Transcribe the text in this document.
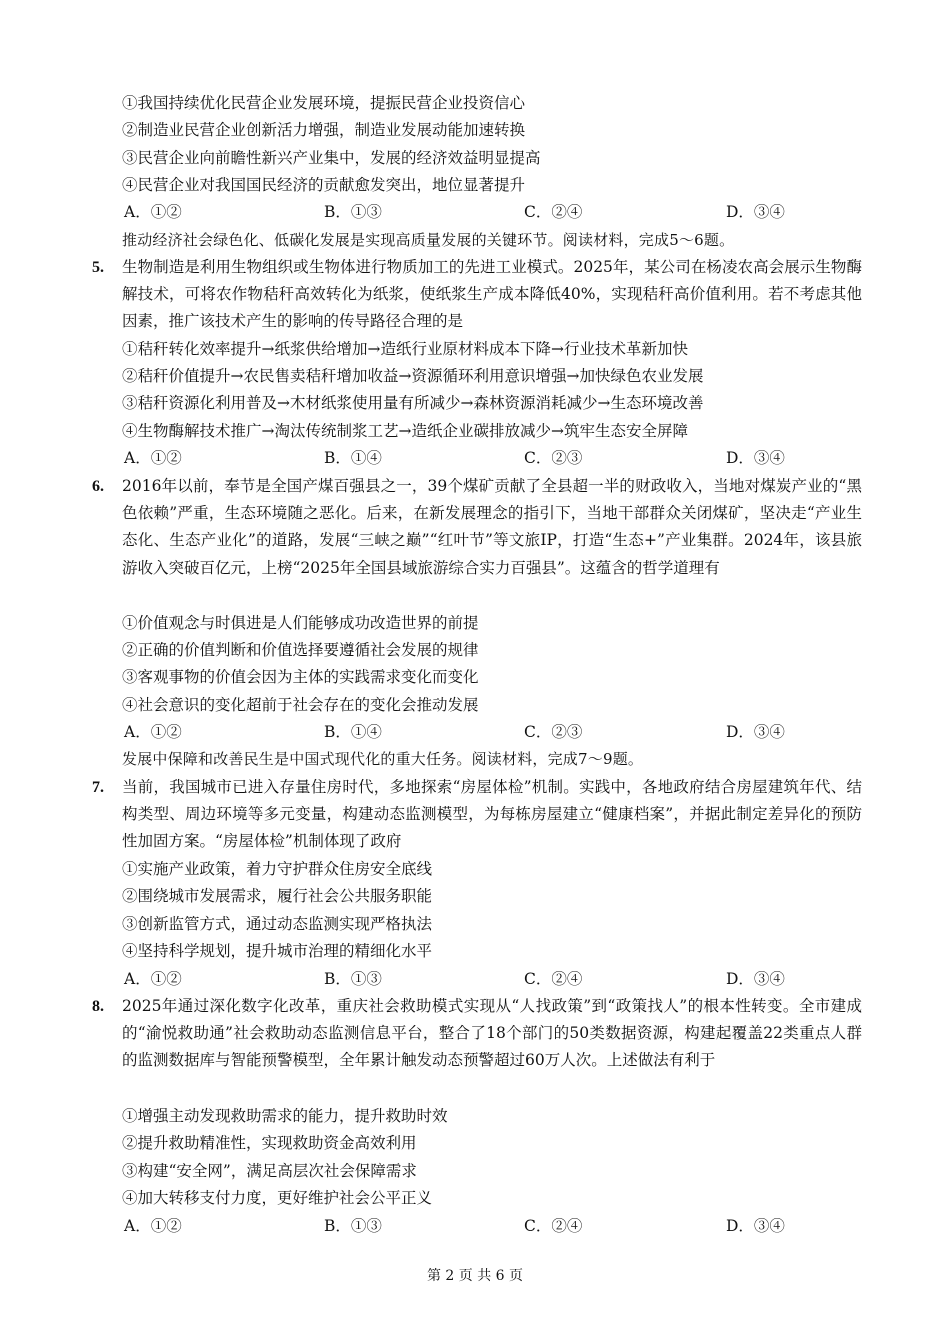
①我国持续优化民营企业发展环境，提振民营企业投资信心
②制造业民营企业创新活力增强，制造业发展动能加速转换
③民营企业向前瞻性新兴产业集中，发展的经济效益明显提高
④民营企业对我国国民经济的贡献愈发突出，地位显著提升
A．①②	B．①③	C．②④	D．③④
推动经济社会绿色化、低碳化发展是实现高质量发展的关键环节。阅读材料，完成5～6题。
5. 生物制造是利用生物组织或生物体进行物质加工的先进工业模式。2025年，某公司在杨凌农高会展示生物酶解技术，可将农作物秸秆高效转化为纸浆，使纸浆生产成本降低40%，实现秸秆高价值利用。若不考虑其他因素，推广该技术产生的影响的传导路径合理的是
①秸秆转化效率提升→纸浆供给增加→造纸行业原材料成本下降→行业技术革新加快
②秸秆价值提升→农民售卖秸秆增加收益→资源循环利用意识增强→加快绿色农业发展
③秸秆资源化利用普及→木材纸浆使用量有所减少→森林资源消耗减少→生态环境改善
④生物酶解技术推广→淘汰传统制浆工艺→造纸企业碳排放减少→筑牢生态安全屏障
A．①②	B．①④	C．②③	D．③④
6. 2016年以前，奉节是全国产煤百强县之一，39个煤矿贡献了全县超一半的财政收入，当地对煤炭产业的“黑色依赖”严重，生态环境随之恶化。后来，在新发展理念的指引下，当地干部群众关闭煤矿，坚决走“产业生态化、生态产业化”的道路，发展“三峡之巅”“红叶节”等文旅IP，打造“生态+”产业集群。2024年，该县旅游收入突破百亿元，上榜“2025年全国县域旅游综合实力百强县”。这蕴含的哲学道理有
①价值观念与时俱进是人们能够成功改造世界的前提
②正确的价值判断和价值选择要遵循社会发展的规律
③客观事物的价值会因为主体的实践需求变化而变化
④社会意识的变化超前于社会存在的变化会推动发展
A．①②	B．①④	C．②③	D．③④
发展中保障和改善民生是中国式现代化的重大任务。阅读材料，完成7～9题。
7. 当前，我国城市已进入存量住房时代，多地探索“房屋体检”机制。实践中，各地政府结合房屋建筑年代、结构类型、周边环境等多元变量，构建动态监测模型，为每栋房屋建立“健康档案”，并据此制定差异化的预防性加固方案。“房屋体检”机制体现了政府
①实施产业政策，着力守护群众住房安全底线
②围绕城市发展需求，履行社会公共服务职能
③创新监管方式，通过动态监测实现严格执法
④坚持科学规划，提升城市治理的精细化水平
A．①②	B．①③	C．②④	D．③④
8. 2025年通过深化数字化改革，重庆社会救助模式实现从“人找政策”到“政策找人”的根本性转变。全市建成的“渝悦救助通”社会救助动态监测信息平台，整合了18个部门的50类数据资源，构建起覆盖22类重点人群的监测数据库与智能预警模型，全年累计触发动态预警超过60万人次。上述做法有利于
①增强主动发现救助需求的能力，提升救助时效
②提升救助精准性，实现救助资金高效利用
③构建“安全网”，满足高层次社会保障需求
④加大转移支付力度，更好维护社会公平正义
A．①②	B．①③	C．②④	D．③④
第 2 页 共 6 页
